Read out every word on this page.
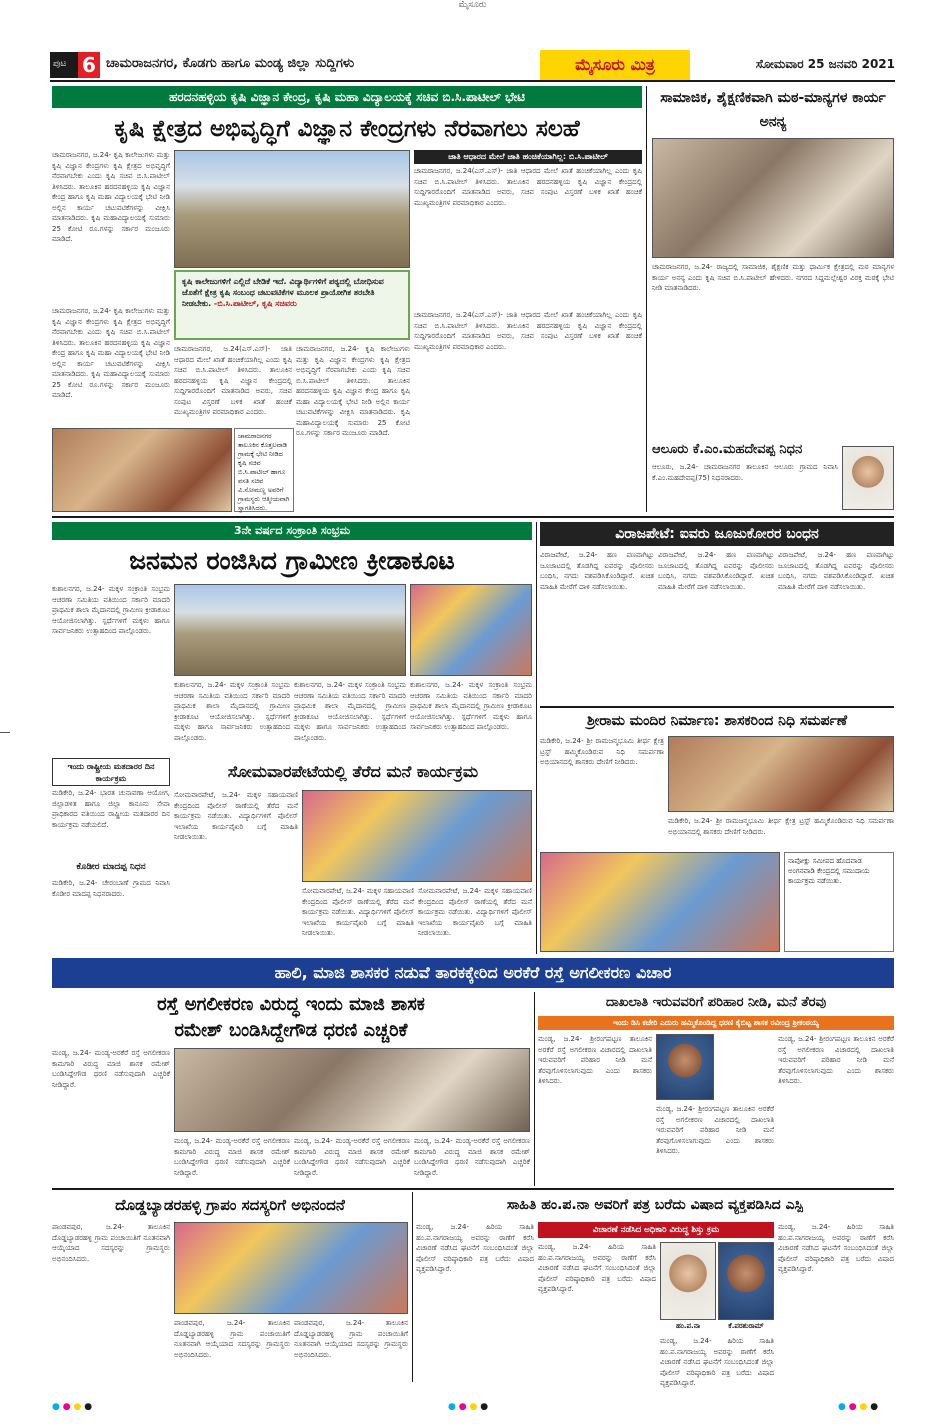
ಮೈಸೂರು
ಪುಟ 6 ಚಾಮರಾಜನಗರ, ಕೊಡಗು ಹಾಗೂ ಮಂಡ್ಯ ಜಿಲ್ಲಾ ಸುದ್ದಿಗಳು	ಮೈಸೂರು ಮಿತ್ರ	ಸೋಮವಾರ 25 ಜನವರಿ 2021
ಹರದನಹಳ್ಳಿಯ ಕೃಷಿ ವಿಜ್ಞಾನ ಕೇಂದ್ರ, ಕೃಷಿ ಮಹಾ ವಿದ್ಯಾಲಯಕ್ಕೆ ಸಚಿವ ಬಿ.ಸಿ.ಪಾಟೀಲ್ ಭೇಟಿ
ಕೃಷಿ ಕ್ಷೇತ್ರದ ಅಭಿವೃದ್ಧಿಗೆ ವಿಜ್ಞಾನ ಕೇಂದ್ರಗಳು ನೆರವಾಗಲು ಸಲಹೆ
ಚಾಮರಾಜನಗರ, ಜ.24- ಕೃಷಿ ಕಾಲೇಜುಗಳು ಮತ್ತು ಕೃಷಿ ವಿಜ್ಞಾನ ಕೇಂದ್ರಗಳು ಕೃಷಿ ಕ್ಷೇತ್ರದ ಅಭಿವೃದ್ಧಿಗೆ ನೆರವಾಗಬೇಕು ಎಂದು ಕೃಷಿ ಸಚಿವ ಬಿ.ಸಿ.ಪಾಟೀಲ್ ತಿಳಿಸಿದರು. ತಾಲೂಕಿನ ಹರದನಹಳ್ಳಿಯ ಕೃಷಿ ವಿಜ್ಞಾನ ಕೇಂದ್ರ ಹಾಗೂ ಕೃಷಿ ಮಹಾ ವಿದ್ಯಾಲಯಕ್ಕೆ ಭೇಟಿ ನೀಡಿ ಅಲ್ಲಿನ ಕಾರ್ಯ ಚಟುವಟಿಕೆಗಳನ್ನು ವೀಕ್ಷಿಸಿ ಮಾತನಾಡಿದರು. ಕೃಷಿ ಮಹಾವಿದ್ಯಾಲಯಕ್ಕೆ ಸುಮಾರು 25 ಕೋಟಿ ರೂ.ಗಳನ್ನು ಸರ್ಕಾರ ಮಂಜೂರು ಮಾಡಿದೆ.
ಜಾತಿ ಆಧಾರದ ಮೇಲೆ ಜಾತಿ ಹಂಚಿಕೆಯಾಗಿಲ್ಲ: ಬಿ.ಸಿ.ಪಾಟೀಲ್
ಚಾಮರಾಜನಗರ, ಜ.24(ಎಸ್.ಎಸ್)- ಜಾತಿ ಆಧಾರದ ಮೇಲೆ ಖಾತೆ ಹಂಚಿಕೆಯಾಗಿಲ್ಲ ಎಂದು ಕೃಷಿ ಸಚಿವ ಬಿ.ಸಿ.ಪಾಟೀಲ್ ತಿಳಿಸಿದರು. ತಾಲೂಕಿನ ಹರದನಹಳ್ಳಿಯ ಕೃಷಿ ವಿಜ್ಞಾನ ಕೇಂದ್ರದಲ್ಲಿ ಸುದ್ದಿಗಾರರೊಂದಿಗೆ ಮಾತನಾಡಿದ ಅವರು, ಸಚಿವ ಸಂಪುಟ ವಿಸ್ತರಣೆ ಬಳಿಕ ಖಾತೆ ಹಂಚಿಕೆ ಮುಖ್ಯಮಂತ್ರಿಗಳ ಪರಮಾಧಿಕಾರ ಎಂದರು.
ಕೃಷಿ ಕಾಲೇಜುಗಳಿಗೆ ಎಲ್ಲಿದೆ ಬೇಡಿಕೆ ಇದೆ. ವಿದ್ಯಾರ್ಥಿಗಳಿಗೆ ಪಠ್ಯದಲ್ಲಿ ಬೋಧಿಸುವ ಜೊತೆಗೆ ಕ್ಷೇತ್ರ ಕೃಷಿ ಸಂಬಂಧ ಚಟುವಟಿಕೆಗಳ ಮೂಲಕ ಪ್ರಾಯೋಗಿಕ ತರಬೇತಿ ನೀಡಬೇಕು. -ಬಿ.ಸಿ.ಪಾಟೀಲ್, ಕೃಷಿ ಸಚಿವರು
ಚಾಮರಾಜನಗರ, ಜ.24- ಕೃಷಿ ಕಾಲೇಜುಗಳು ಮತ್ತು ಕೃಷಿ ವಿಜ್ಞಾನ ಕೇಂದ್ರಗಳು ಕೃಷಿ ಕ್ಷೇತ್ರದ ಅಭಿವೃದ್ಧಿಗೆ ನೆರವಾಗಬೇಕು ಎಂದು ಕೃಷಿ ಸಚಿವ ಬಿ.ಸಿ.ಪಾಟೀಲ್ ತಿಳಿಸಿದರು. ತಾಲೂಕಿನ ಹರದನಹಳ್ಳಿಯ ಕೃಷಿ ವಿಜ್ಞಾನ ಕೇಂದ್ರ ಹಾಗೂ ಕೃಷಿ ಮಹಾ ವಿದ್ಯಾಲಯಕ್ಕೆ ಭೇಟಿ ನೀಡಿ ಅಲ್ಲಿನ ಕಾರ್ಯ ಚಟುವಟಿಕೆಗಳನ್ನು ವೀಕ್ಷಿಸಿ ಮಾತನಾಡಿದರು. ಕೃಷಿ ಮಹಾವಿದ್ಯಾಲಯಕ್ಕೆ ಸುಮಾರು 25 ಕೋಟಿ ರೂ.ಗಳನ್ನು ಸರ್ಕಾರ ಮಂಜೂರು ಮಾಡಿದೆ.
ಚಾಮರಾಜನಗರ, ಜ.24(ಎಸ್.ಎಸ್)- ಜಾತಿ ಆಧಾರದ ಮೇಲೆ ಖಾತೆ ಹಂಚಿಕೆಯಾಗಿಲ್ಲ ಎಂದು ಕೃಷಿ ಸಚಿವ ಬಿ.ಸಿ.ಪಾಟೀಲ್ ತಿಳಿಸಿದರು. ತಾಲೂಕಿನ ಹರದನಹಳ್ಳಿಯ ಕೃಷಿ ವಿಜ್ಞಾನ ಕೇಂದ್ರದಲ್ಲಿ ಸುದ್ದಿಗಾರರೊಂದಿಗೆ ಮಾತನಾಡಿದ ಅವರು, ಸಚಿವ ಸಂಪುಟ ವಿಸ್ತರಣೆ ಬಳಿಕ ಖಾತೆ ಹಂಚಿಕೆ ಮುಖ್ಯಮಂತ್ರಿಗಳ ಪರಮಾಧಿಕಾರ ಎಂದರು.
ಚಾಮರಾಜನಗರ, ಜ.24- ಕೃಷಿ ಕಾಲೇಜುಗಳು ಮತ್ತು ಕೃಷಿ ವಿಜ್ಞಾನ ಕೇಂದ್ರಗಳು ಕೃಷಿ ಕ್ಷೇತ್ರದ ಅಭಿವೃದ್ಧಿಗೆ ನೆರವಾಗಬೇಕು ಎಂದು ಕೃಷಿ ಸಚಿವ ಬಿ.ಸಿ.ಪಾಟೀಲ್ ತಿಳಿಸಿದರು. ತಾಲೂಕಿನ ಹರದನಹಳ್ಳಿಯ ಕೃಷಿ ವಿಜ್ಞಾನ ಕೇಂದ್ರ ಹಾಗೂ ಕೃಷಿ ಮಹಾ ವಿದ್ಯಾಲಯಕ್ಕೆ ಭೇಟಿ ನೀಡಿ ಅಲ್ಲಿನ ಕಾರ್ಯ ಚಟುವಟಿಕೆಗಳನ್ನು ವೀಕ್ಷಿಸಿ ಮಾತನಾಡಿದರು. ಕೃಷಿ ಮಹಾವಿದ್ಯಾಲಯಕ್ಕೆ ಸುಮಾರು 25 ಕೋಟಿ ರೂ.ಗಳನ್ನು ಸರ್ಕಾರ ಮಂಜೂರು ಮಾಡಿದೆ.
ಚಾಮರಾಜನಗರ, ಜ.24(ಎಸ್.ಎಸ್)- ಜಾತಿ ಆಧಾರದ ಮೇಲೆ ಖಾತೆ ಹಂಚಿಕೆಯಾಗಿಲ್ಲ ಎಂದು ಕೃಷಿ ಸಚಿವ ಬಿ.ಸಿ.ಪಾಟೀಲ್ ತಿಳಿಸಿದರು. ತಾಲೂಕಿನ ಹರದನಹಳ್ಳಿಯ ಕೃಷಿ ವಿಜ್ಞಾನ ಕೇಂದ್ರದಲ್ಲಿ ಸುದ್ದಿಗಾರರೊಂದಿಗೆ ಮಾತನಾಡಿದ ಅವರು, ಸಚಿವ ಸಂಪುಟ ವಿಸ್ತರಣೆ ಬಳಿಕ ಖಾತೆ ಹಂಚಿಕೆ ಮುಖ್ಯಮಂತ್ರಿಗಳ ಪರಮಾಧಿಕಾರ ಎಂದರು.
ಚಾಮರಾಜನಗರ ತಾಲೂಕಿನ ಕೊತ್ತಲವಾಡಿ ಗ್ರಾಮಕ್ಕೆ ಭೇಟಿ ನೀಡಿದ ಕೃಷಿ ಸಚಿವ ಬಿ.ಸಿ.ಪಾಟೀಲ್ ಹಾಗೂ ವಸತಿ ಸಚಿವ ವಿ.ಸೋಮಣ್ಣ ಅವರಿಗೆ ಗ್ರಾಮಸ್ಥರು ಆತ್ಮೀಯವಾಗಿ ಸ್ವಾಗತಿಸಿದರು.
ಸಾಮಾಜಿಕ, ಶೈಕ್ಷಣಿಕವಾಗಿ ಮಠ-ಮಾನ್ಯಗಳ ಕಾರ್ಯ ಅನನ್ಯ
ಚಾಮರಾಜನಗರ, ಜ.24- ರಾಜ್ಯದಲ್ಲಿ ಸಾಮಾಜಿಕ, ಶೈಕ್ಷಣಿಕ ಮತ್ತು ಧಾರ್ಮಿಕ ಕ್ಷೇತ್ರದಲ್ಲಿ ಮಠ ಮಾನ್ಯಗಳ ಕಾರ್ಯ ಅನನ್ಯ ಎಂದು ಕೃಷಿ ಸಚಿವ ಬಿ.ಸಿ.ಪಾಟೀಲ್ ಹೇಳಿದರು. ನಗರದ ಸಿದ್ದಮಲ್ಲೇಶ್ವರ ವಿರಕ್ತ ಮಠಕ್ಕೆ ಭೇಟಿ ನೀಡಿ ಮಾತನಾಡಿದರು.
ಆಲೂರು ಕೆ.ಎಂ.ಮಹದೇವಪ್ಪ ನಿಧನ
ಆಲೂರು, ಜ.24- ಚಾಮರಾಜನಗರ ತಾಲೂಕಿನ ಆಲೂರು ಗ್ರಾಮದ ನಿವಾಸಿ ಕೆ.ಎಂ.ಮಹದೇವಪ್ಪ(75) ನಿಧನರಾದರು.
3ನೇ ವರ್ಷದ ಸಂಕ್ರಾಂತಿ ಸಂಭ್ರಮ
ಜನಮನ ರಂಜಿಸಿದ ಗ್ರಾಮೀಣ ಕ್ರೀಡಾಕೂಟ
ಕುಶಾಲನಗರ, ಜ.24- ಮಕ್ಕಳ ಸಂಕ್ರಾಂತಿ ಸಂಭ್ರಮ ಆಚರಣಾ ಸಮಿತಿಯ ವತಿಯಿಂದ ಸರ್ಕಾರಿ ಮಾದರಿ ಪ್ರಾಥಮಿಕ ಶಾಲಾ ಮೈದಾನದಲ್ಲಿ ಗ್ರಾಮೀಣ ಕ್ರೀಡಾಕೂಟ ಆಯೋಜಿಸಲಾಗಿತ್ತು. ಸ್ಪರ್ಧೆಗಳಿಗೆ ಮಕ್ಕಳು ಹಾಗೂ ಸಾರ್ವಜನಿಕರು ಉತ್ಸಾಹದಿಂದ ಪಾಲ್ಗೊಂಡರು.
ಕುಶಾಲನಗರ, ಜ.24- ಮಕ್ಕಳ ಸಂಕ್ರಾಂತಿ ಸಂಭ್ರಮ ಆಚರಣಾ ಸಮಿತಿಯ ವತಿಯಿಂದ ಸರ್ಕಾರಿ ಮಾದರಿ ಪ್ರಾಥಮಿಕ ಶಾಲಾ ಮೈದಾನದಲ್ಲಿ ಗ್ರಾಮೀಣ ಕ್ರೀಡಾಕೂಟ ಆಯೋಜಿಸಲಾಗಿತ್ತು. ಸ್ಪರ್ಧೆಗಳಿಗೆ ಮಕ್ಕಳು ಹಾಗೂ ಸಾರ್ವಜನಿಕರು ಉತ್ಸಾಹದಿಂದ ಪಾಲ್ಗೊಂಡರು.
ಕುಶಾಲನಗರ, ಜ.24- ಮಕ್ಕಳ ಸಂಕ್ರಾಂತಿ ಸಂಭ್ರಮ ಆಚರಣಾ ಸಮಿತಿಯ ವತಿಯಿಂದ ಸರ್ಕಾರಿ ಮಾದರಿ ಪ್ರಾಥಮಿಕ ಶಾಲಾ ಮೈದಾನದಲ್ಲಿ ಗ್ರಾಮೀಣ ಕ್ರೀಡಾಕೂಟ ಆಯೋಜಿಸಲಾಗಿತ್ತು. ಸ್ಪರ್ಧೆಗಳಿಗೆ ಮಕ್ಕಳು ಹಾಗೂ ಸಾರ್ವಜನಿಕರು ಉತ್ಸಾಹದಿಂದ ಪಾಲ್ಗೊಂಡರು.
ಕುಶಾಲನಗರ, ಜ.24- ಮಕ್ಕಳ ಸಂಕ್ರಾಂತಿ ಸಂಭ್ರಮ ಆಚರಣಾ ಸಮಿತಿಯ ವತಿಯಿಂದ ಸರ್ಕಾರಿ ಮಾದರಿ ಪ್ರಾಥಮಿಕ ಶಾಲಾ ಮೈದಾನದಲ್ಲಿ ಗ್ರಾಮೀಣ ಕ್ರೀಡಾಕೂಟ ಆಯೋಜಿಸಲಾಗಿತ್ತು. ಸ್ಪರ್ಧೆಗಳಿಗೆ ಮಕ್ಕಳು ಹಾಗೂ ಸಾರ್ವಜನಿಕರು ಉತ್ಸಾಹದಿಂದ ಪಾಲ್ಗೊಂಡರು.
ಇಂದು ರಾಷ್ಟ್ರೀಯ ಮತದಾರರ ದಿನ ಕಾರ್ಯಕ್ರಮ
ಮಡಿಕೇರಿ, ಜ.24- ಭಾರತ ಚುನಾವಣಾ ಆಯೋಗ, ಜಿಲ್ಲಾಡಳಿತ ಹಾಗೂ ಜಿಲ್ಲಾ ಕಾನೂನು ಸೇವಾ ಪ್ರಾಧಿಕಾರದ ವತಿಯಿಂದ ರಾಷ್ಟ್ರೀಯ ಮತದಾರರ ದಿನ ಕಾರ್ಯಕ್ರಮ ನಡೆಯಲಿದೆ.
ಕೊಡೀರ ಮಾದಪ್ಪ ನಿಧನ
ಮಡಿಕೇರಿ, ಜ.24- ಚೇರಂಬಾಣೆ ಗ್ರಾಮದ ನಿವಾಸಿ ಕೊಡೀರ ಮಾದಪ್ಪ ನಿಧನರಾದರು.
ಸೋಮವಾರಪೇಟೆಯಲ್ಲಿ ತೆರೆದ ಮನೆ ಕಾರ್ಯಕ್ರಮ
ಸೋಮವಾರಪೇಟೆ, ಜ.24- ಮಕ್ಕಳ ಸಹಾಯವಾಣಿ ಕೇಂದ್ರದಿಂದ ಪೊಲೀಸ್ ಠಾಣೆಯಲ್ಲಿ ತೆರೆದ ಮನೆ ಕಾರ್ಯಕ್ರಮ ನಡೆಯಿತು. ವಿದ್ಯಾರ್ಥಿಗಳಿಗೆ ಪೊಲೀಸ್ ಇಲಾಖೆಯ ಕಾರ್ಯವೈಖರಿ ಬಗ್ಗೆ ಮಾಹಿತಿ ನೀಡಲಾಯಿತು.
ಸೋಮವಾರಪೇಟೆ, ಜ.24- ಮಕ್ಕಳ ಸಹಾಯವಾಣಿ ಕೇಂದ್ರದಿಂದ ಪೊಲೀಸ್ ಠಾಣೆಯಲ್ಲಿ ತೆರೆದ ಮನೆ ಕಾರ್ಯಕ್ರಮ ನಡೆಯಿತು. ವಿದ್ಯಾರ್ಥಿಗಳಿಗೆ ಪೊಲೀಸ್ ಇಲಾಖೆಯ ಕಾರ್ಯವೈಖರಿ ಬಗ್ಗೆ ಮಾಹಿತಿ ನೀಡಲಾಯಿತು.
ಸೋಮವಾರಪೇಟೆ, ಜ.24- ಮಕ್ಕಳ ಸಹಾಯವಾಣಿ ಕೇಂದ್ರದಿಂದ ಪೊಲೀಸ್ ಠಾಣೆಯಲ್ಲಿ ತೆರೆದ ಮನೆ ಕಾರ್ಯಕ್ರಮ ನಡೆಯಿತು. ವಿದ್ಯಾರ್ಥಿಗಳಿಗೆ ಪೊಲೀಸ್ ಇಲಾಖೆಯ ಕಾರ್ಯವೈಖರಿ ಬಗ್ಗೆ ಮಾಹಿತಿ ನೀಡಲಾಯಿತು.
ವಿರಾಜಪೇಟೆ: ಐವರು ಜೂಜುಕೋರರ ಬಂಧನ
ವಿರಾಜಪೇಟೆ, ಜ.24- ಹಣ ಪಣವಾಗಿಟ್ಟು ಜೂಜಾಟದಲ್ಲಿ ತೊಡಗಿದ್ದ ಐವರನ್ನು ಪೊಲೀಸರು ಬಂಧಿಸಿ, ನಗದು ವಶಪಡಿಸಿಕೊಂಡಿದ್ದಾರೆ. ಖಚಿತ ಮಾಹಿತಿ ಮೇರೆಗೆ ದಾಳಿ ನಡೆಸಲಾಯಿತು.
ವಿರಾಜಪೇಟೆ, ಜ.24- ಹಣ ಪಣವಾಗಿಟ್ಟು ಜೂಜಾಟದಲ್ಲಿ ತೊಡಗಿದ್ದ ಐವರನ್ನು ಪೊಲೀಸರು ಬಂಧಿಸಿ, ನಗದು ವಶಪಡಿಸಿಕೊಂಡಿದ್ದಾರೆ. ಖಚಿತ ಮಾಹಿತಿ ಮೇರೆಗೆ ದಾಳಿ ನಡೆಸಲಾಯಿತು.
ವಿರಾಜಪೇಟೆ, ಜ.24- ಹಣ ಪಣವಾಗಿಟ್ಟು ಜೂಜಾಟದಲ್ಲಿ ತೊಡಗಿದ್ದ ಐವರನ್ನು ಪೊಲೀಸರು ಬಂಧಿಸಿ, ನಗದು ವಶಪಡಿಸಿಕೊಂಡಿದ್ದಾರೆ. ಖಚಿತ ಮಾಹಿತಿ ಮೇರೆಗೆ ದಾಳಿ ನಡೆಸಲಾಯಿತು.
ಶ್ರೀರಾಮ ಮಂದಿರ ನಿರ್ಮಾಣ: ಶಾಸಕರಿಂದ ನಿಧಿ ಸಮರ್ಪಣೆ
ಮಡಿಕೇರಿ, ಜ.24- ಶ್ರೀ ರಾಮಜನ್ಮಭೂಮಿ ತೀರ್ಥ ಕ್ಷೇತ್ರ ಟ್ರಸ್ಟ್ ಹಮ್ಮಿಕೊಂಡಿರುವ ನಿಧಿ ಸಮರ್ಪಣಾ ಅಭಿಯಾನದಲ್ಲಿ ಶಾಸಕರು ದೇಣಿಗೆ ನೀಡಿದರು.
ಮಡಿಕೇರಿ, ಜ.24- ಶ್ರೀ ರಾಮಜನ್ಮಭೂಮಿ ತೀರ್ಥ ಕ್ಷೇತ್ರ ಟ್ರಸ್ಟ್ ಹಮ್ಮಿಕೊಂಡಿರುವ ನಿಧಿ ಸಮರ್ಪಣಾ ಅಭಿಯಾನದಲ್ಲಿ ಶಾಸಕರು ದೇಣಿಗೆ ನೀಡಿದರು.
ನಾಪೋಕ್ಲು ಸಮೀಪದ ಹೊದವಾಡ ಅಂಗನವಾಡಿ ಕೇಂದ್ರದಲ್ಲಿ ಸಮುದಾಯ ಕಾರ್ಯಕ್ರಮ ನಡೆಯಿತು.
ಹಾಲಿ, ಮಾಜಿ ಶಾಸಕರ ನಡುವೆ ತಾರಕಕ್ಕೇರಿದ ಅರಕೆರೆ ರಸ್ತೆ ಅಗಲೀಕರಣ ವಿಚಾರ
ರಸ್ತೆ ಅಗಲೀಕರಣ ವಿರುದ್ಧ ಇಂದು ಮಾಜಿ ಶಾಸಕ
ರಮೇಶ್ ಬಂಡಿಸಿದ್ದೇಗೌಡ ಧರಣಿ ಎಚ್ಚರಿಕೆ
ಮಂಡ್ಯ, ಜ.24- ಮಂಡ್ಯ-ಅರಕೆರೆ ರಸ್ತೆ ಅಗಲೀಕರಣ ಕಾಮಗಾರಿ ವಿರುದ್ಧ ಮಾಜಿ ಶಾಸಕ ರಮೇಶ್ ಬಂಡಿಸಿದ್ದೇಗೌಡ ಧರಣಿ ನಡೆಸುವುದಾಗಿ ಎಚ್ಚರಿಕೆ ನೀಡಿದ್ದಾರೆ.
ಮಂಡ್ಯ, ಜ.24- ಮಂಡ್ಯ-ಅರಕೆರೆ ರಸ್ತೆ ಅಗಲೀಕರಣ ಕಾಮಗಾರಿ ವಿರುದ್ಧ ಮಾಜಿ ಶಾಸಕ ರಮೇಶ್ ಬಂಡಿಸಿದ್ದೇಗೌಡ ಧರಣಿ ನಡೆಸುವುದಾಗಿ ಎಚ್ಚರಿಕೆ ನೀಡಿದ್ದಾರೆ.
ಮಂಡ್ಯ, ಜ.24- ಮಂಡ್ಯ-ಅರಕೆರೆ ರಸ್ತೆ ಅಗಲೀಕರಣ ಕಾಮಗಾರಿ ವಿರುದ್ಧ ಮಾಜಿ ಶಾಸಕ ರಮೇಶ್ ಬಂಡಿಸಿದ್ದೇಗೌಡ ಧರಣಿ ನಡೆಸುವುದಾಗಿ ಎಚ್ಚರಿಕೆ ನೀಡಿದ್ದಾರೆ.
ಮಂಡ್ಯ, ಜ.24- ಮಂಡ್ಯ-ಅರಕೆರೆ ರಸ್ತೆ ಅಗಲೀಕರಣ ಕಾಮಗಾರಿ ವಿರುದ್ಧ ಮಾಜಿ ಶಾಸಕ ರಮೇಶ್ ಬಂಡಿಸಿದ್ದೇಗೌಡ ಧರಣಿ ನಡೆಸುವುದಾಗಿ ಎಚ್ಚರಿಕೆ ನೀಡಿದ್ದಾರೆ.
ದಾಖಲಾತಿ ಇರುವವರಿಗೆ ಪರಿಹಾರ ನೀಡಿ, ಮನೆ ತೆರವು
ಇಂದು ಡಿಸಿ ಕಚೇರಿ ಎದುರು ಹಮ್ಮಿಕೊಂಡಿದ್ದ ಧರಣಿ ಕೈಬಿಟ್ಟ ಶಾಸಕ ರವೀಂದ್ರ ಶ್ರೀಕಂಠಯ್ಯ
ಮಂಡ್ಯ, ಜ.24- ಶ್ರೀರಂಗಪಟ್ಟಣ ತಾಲೂಕಿನ ಅರಕೆರೆ ರಸ್ತೆ ಅಗಲೀಕರಣ ವಿಚಾರದಲ್ಲಿ ದಾಖಲಾತಿ ಇರುವವರಿಗೆ ಪರಿಹಾರ ನೀಡಿ ಮನೆ ತೆರವುಗೊಳಿಸಲಾಗುವುದು ಎಂದು ಶಾಸಕರು ತಿಳಿಸಿದರು.
ಮಂಡ್ಯ, ಜ.24- ಶ್ರೀರಂಗಪಟ್ಟಣ ತಾಲೂಕಿನ ಅರಕೆರೆ ರಸ್ತೆ ಅಗಲೀಕರಣ ವಿಚಾರದಲ್ಲಿ ದಾಖಲಾತಿ ಇರುವವರಿಗೆ ಪರಿಹಾರ ನೀಡಿ ಮನೆ ತೆರವುಗೊಳಿಸಲಾಗುವುದು ಎಂದು ಶಾಸಕರು ತಿಳಿಸಿದರು.
ಮಂಡ್ಯ, ಜ.24- ಶ್ರೀರಂಗಪಟ್ಟಣ ತಾಲೂಕಿನ ಅರಕೆರೆ ರಸ್ತೆ ಅಗಲೀಕರಣ ವಿಚಾರದಲ್ಲಿ ದಾಖಲಾತಿ ಇರುವವರಿಗೆ ಪರಿಹಾರ ನೀಡಿ ಮನೆ ತೆರವುಗೊಳಿಸಲಾಗುವುದು ಎಂದು ಶಾಸಕರು ತಿಳಿಸಿದರು.
ದೊಡ್ಡಬ್ಯಾಡರಹಳ್ಳಿ ಗ್ರಾಪಂ ಸದಸ್ಯರಿಗೆ ಅಭಿನಂದನೆ
ಪಾಂಡವಪುರ, ಜ.24- ತಾಲೂಕಿನ ದೊಡ್ಡಬ್ಯಾಡರಹಳ್ಳಿ ಗ್ರಾಮ ಪಂಚಾಯಿತಿಗೆ ನೂತನವಾಗಿ ಆಯ್ಕೆಯಾದ ಸದಸ್ಯರನ್ನು ಗ್ರಾಮಸ್ಥರು ಅಭಿನಂದಿಸಿದರು.
ಪಾಂಡವಪುರ, ಜ.24- ತಾಲೂಕಿನ ದೊಡ್ಡಬ್ಯಾಡರಹಳ್ಳಿ ಗ್ರಾಮ ಪಂಚಾಯಿತಿಗೆ ನೂತನವಾಗಿ ಆಯ್ಕೆಯಾದ ಸದಸ್ಯರನ್ನು ಗ್ರಾಮಸ್ಥರು ಅಭಿನಂದಿಸಿದರು.
ಪಾಂಡವಪುರ, ಜ.24- ತಾಲೂಕಿನ ದೊಡ್ಡಬ್ಯಾಡರಹಳ್ಳಿ ಗ್ರಾಮ ಪಂಚಾಯಿತಿಗೆ ನೂತನವಾಗಿ ಆಯ್ಕೆಯಾದ ಸದಸ್ಯರನ್ನು ಗ್ರಾಮಸ್ಥರು ಅಭಿನಂದಿಸಿದರು.
ಸಾಹಿತಿ ಹಂ.ಪ.ನಾ ಅವರಿಗೆ ಪತ್ರ ಬರೆದು ವಿಷಾದ ವ್ಯಕ್ತಪಡಿಸಿದ ಎಸ್ಪಿ
ಮಂಡ್ಯ, ಜ.24- ಹಿರಿಯ ಸಾಹಿತಿ ಹಂ.ಪ.ನಾಗರಾಜಯ್ಯ ಅವರನ್ನು ಠಾಣೆಗೆ ಕರೆಸಿ ವಿಚಾರಣೆ ನಡೆಸಿದ ಘಟನೆಗೆ ಸಂಬಂಧಿಸಿದಂತೆ ಜಿಲ್ಲಾ ಪೊಲೀಸ್ ವರಿಷ್ಠಾಧಿಕಾರಿ ಪತ್ರ ಬರೆದು ವಿಷಾದ ವ್ಯಕ್ತಪಡಿಸಿದ್ದಾರೆ.
ವಿಚಾರಣೆ ನಡೆಸಿದ ಅಧಿಕಾರಿ ವಿರುದ್ಧ ಶಿಸ್ತು ಕ್ರಮ
ಮಂಡ್ಯ, ಜ.24- ಹಿರಿಯ ಸಾಹಿತಿ ಹಂ.ಪ.ನಾಗರಾಜಯ್ಯ ಅವರನ್ನು ಠಾಣೆಗೆ ಕರೆಸಿ ವಿಚಾರಣೆ ನಡೆಸಿದ ಘಟನೆಗೆ ಸಂಬಂಧಿಸಿದಂತೆ ಜಿಲ್ಲಾ ಪೊಲೀಸ್ ವರಿಷ್ಠಾಧಿಕಾರಿ ಪತ್ರ ಬರೆದು ವಿಷಾದ ವ್ಯಕ್ತಪಡಿಸಿದ್ದಾರೆ.
ಹಂ.ಪ.ನಾ	ಕೆ.ಪರಶುರಾಮ್
ಮಂಡ್ಯ, ಜ.24- ಹಿರಿಯ ಸಾಹಿತಿ ಹಂ.ಪ.ನಾಗರಾಜಯ್ಯ ಅವರನ್ನು ಠಾಣೆಗೆ ಕರೆಸಿ ವಿಚಾರಣೆ ನಡೆಸಿದ ಘಟನೆಗೆ ಸಂಬಂಧಿಸಿದಂತೆ ಜಿಲ್ಲಾ ಪೊಲೀಸ್ ವರಿಷ್ಠಾಧಿಕಾರಿ ಪತ್ರ ಬರೆದು ವಿಷಾದ ವ್ಯಕ್ತಪಡಿಸಿದ್ದಾರೆ.
ಮಂಡ್ಯ, ಜ.24- ಹಿರಿಯ ಸಾಹಿತಿ ಹಂ.ಪ.ನಾಗರಾಜಯ್ಯ ಅವರನ್ನು ಠಾಣೆಗೆ ಕರೆಸಿ ವಿಚಾರಣೆ ನಡೆಸಿದ ಘಟನೆಗೆ ಸಂಬಂಧಿಸಿದಂತೆ ಜಿಲ್ಲಾ ಪೊಲೀಸ್ ವರಿಷ್ಠಾಧಿಕಾರಿ ಪತ್ರ ಬರೆದು ವಿಷಾದ ವ್ಯಕ್ತಪಡಿಸಿದ್ದಾರೆ.
● ● ● ●	● ● ● ●	● ● ● ●
